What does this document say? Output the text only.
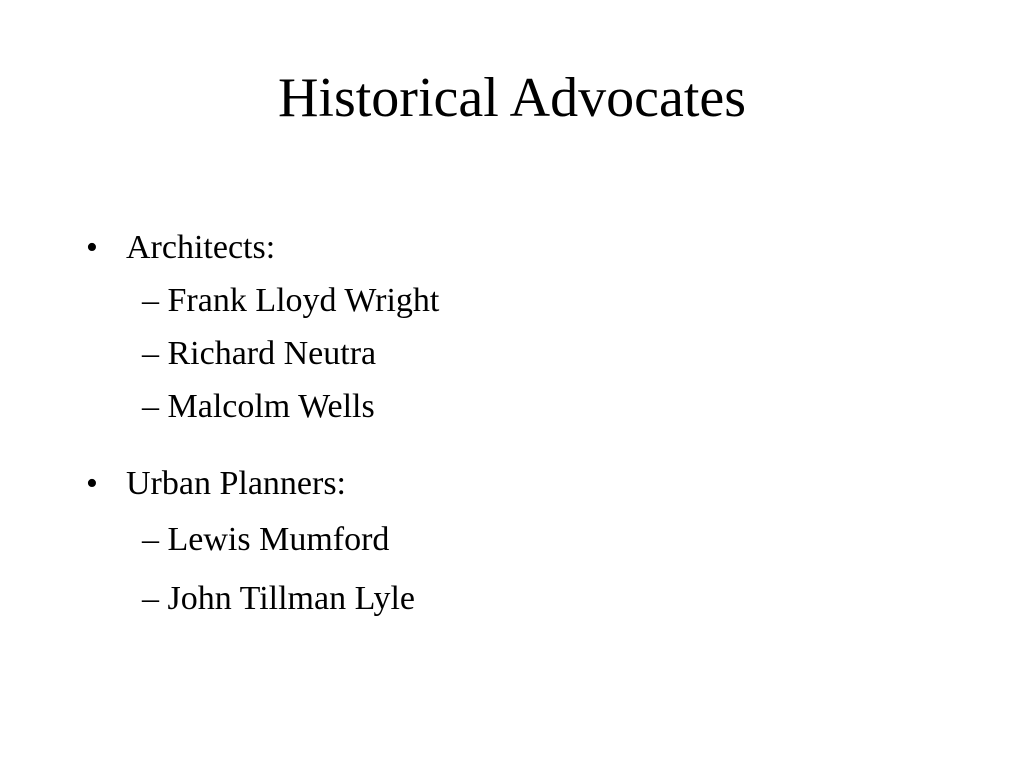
Historical Advocates
• Architects:
– Frank Lloyd Wright
– Richard Neutra
– Malcolm Wells
• Urban Planners:
– Lewis Mumford
– John Tillman Lyle
